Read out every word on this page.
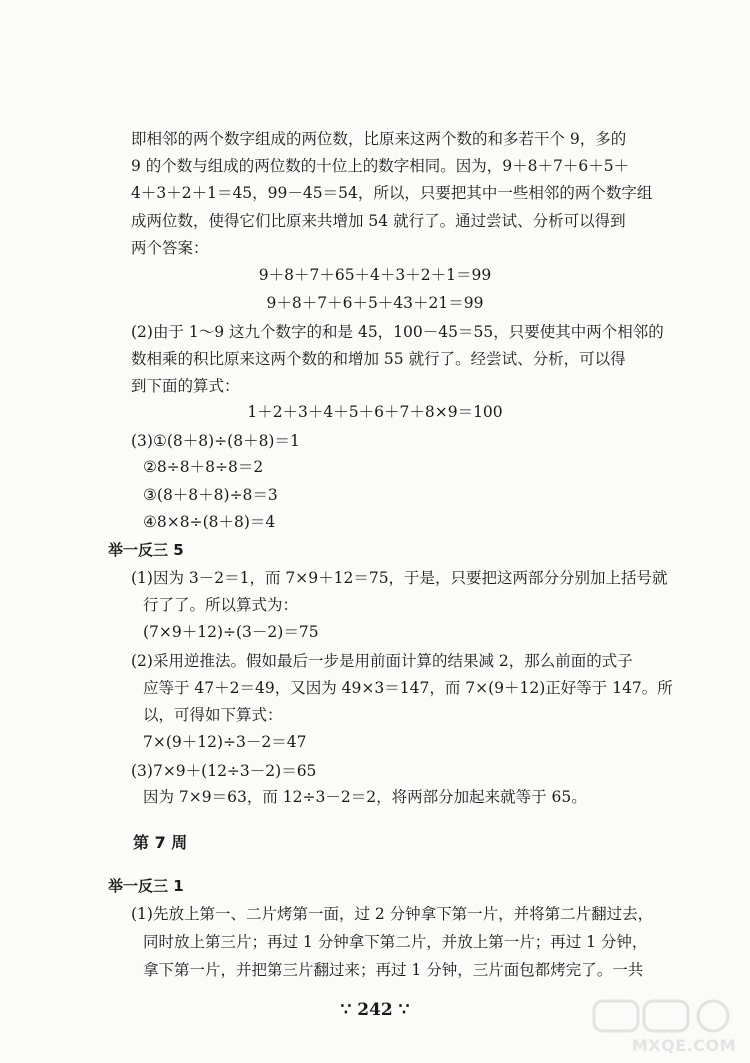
即相邻的两个数字组成的两位数，比原来这两个数的和多若干个 9，多的
9 的个数与组成的两位数的十位上的数字相同。因为，9＋8＋7＋6＋5＋
4＋3＋2＋1＝45，99－45＝54，所以，只要把其中一些相邻的两个数字组
成两位数，使得它们比原来共增加 54 就行了。通过尝试、分析可以得到
两个答案：
9＋8＋7＋65＋4＋3＋2＋1＝99
9＋8＋7＋6＋5＋43＋21＝99
(2)由于 1～9 这九个数字的和是 45，100－45＝55，只要使其中两个相邻的
数相乘的积比原来这两个数的和增加 55 就行了。经尝试、分析，可以得
到下面的算式：
1＋2＋3＋4＋5＋6＋7＋8×9＝100
(3)①(8＋8)÷(8＋8)＝1
②8÷8＋8÷8＝2
③(8＋8＋8)÷8＝3
④8×8÷(8＋8)＝4
举一反三 5
(1)因为 3－2＝1，而 7×9＋12＝75，于是，只要把这两部分分别加上括号就
行了了。所以算式为：
(7×9＋12)÷(3－2)＝75
(2)采用逆推法。假如最后一步是用前面计算的结果减 2，那么前面的式子
应等于 47＋2＝49，又因为 49×3＝147，而 7×(9＋12)正好等于 147。所
以，可得如下算式：
7×(9＋12)÷3－2＝47
(3)7×9＋(12÷3－2)＝65
因为 7×9＝63，而 12÷3－2＝2，将两部分加起来就等于 65。
第 7 周
举一反三 1
(1)先放上第一、二片烤第一面，过 2 分钟拿下第一片，并将第二片翻过去，
同时放上第三片；再过 1 分钟拿下第二片，并放上第一片；再过 1 分钟，
拿下第一片，并把第三片翻过来；再过 1 分钟，三片面包都烤完了。一共
∵ 242 ∵
MXQE.COM
